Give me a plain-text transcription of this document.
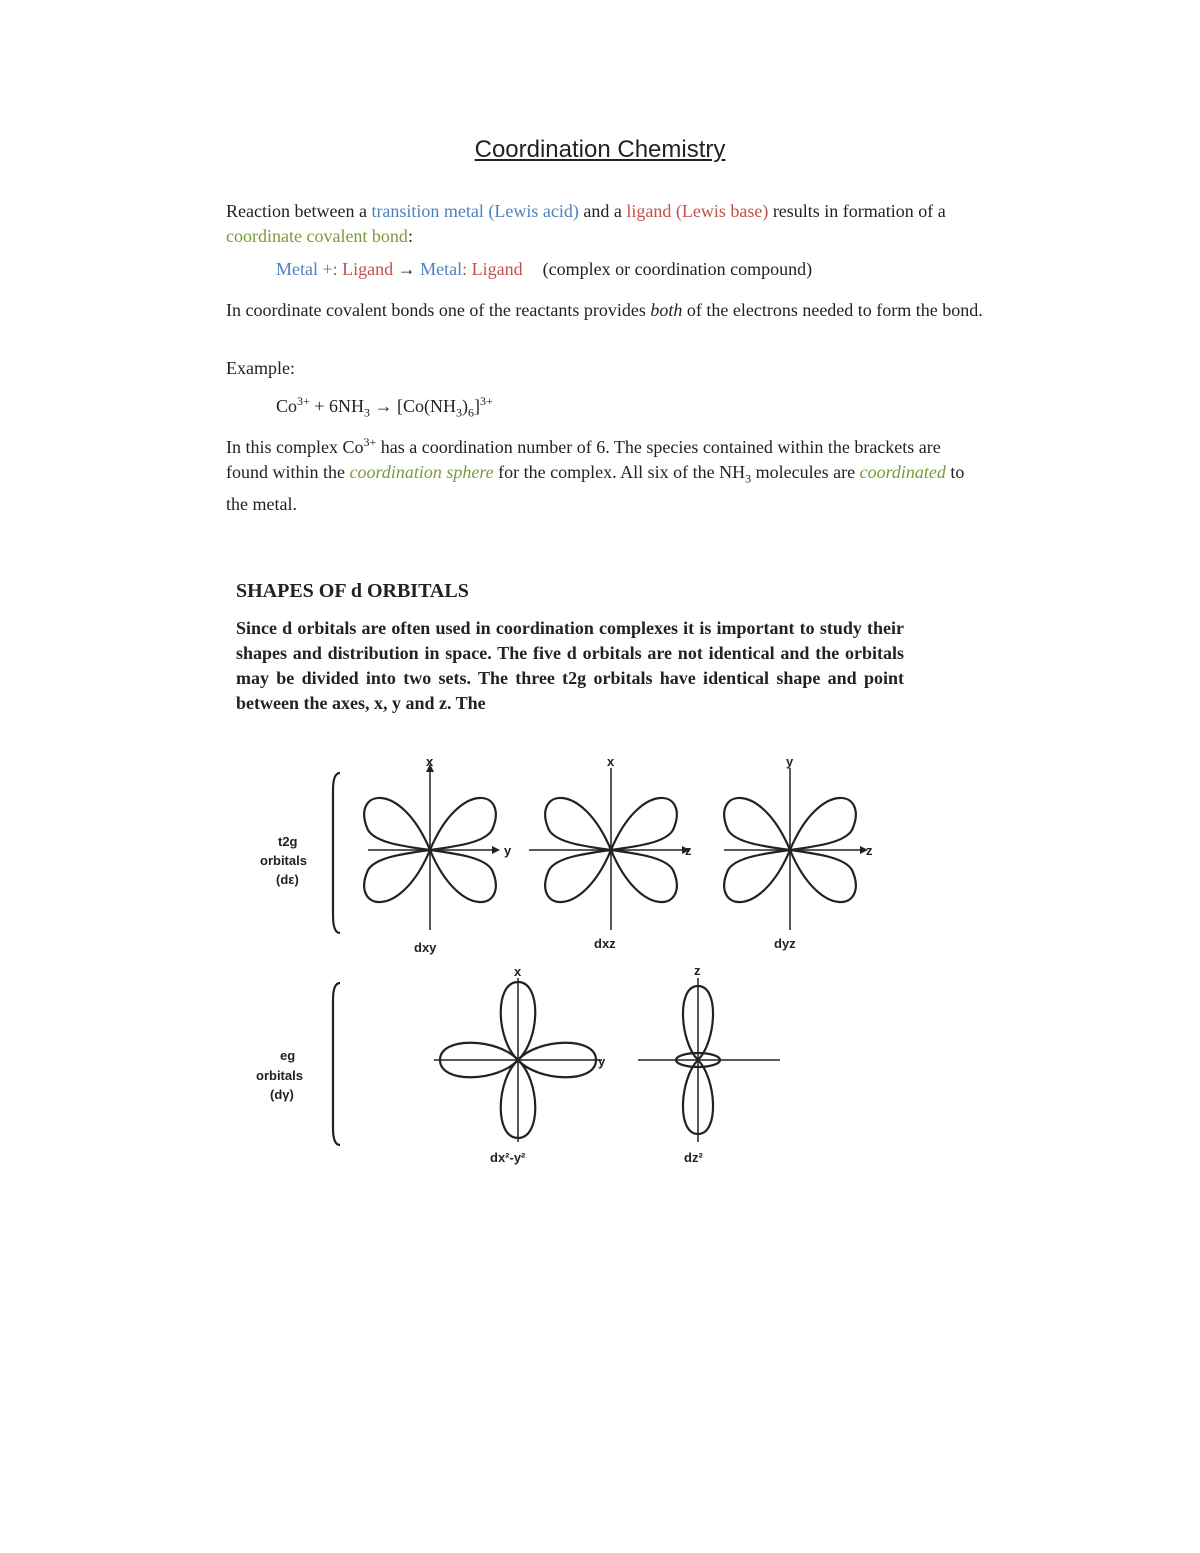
Coordination Chemistry
Reaction between a transition metal (Lewis acid) and a ligand (Lewis base) results in formation of a coordinate covalent bond:
Metal +: Ligand → Metal: Ligand (complex or coordination compound)
In coordinate covalent bonds one of the reactants provides both of the electrons needed to form the bond.
Example:
$Co^{3+} + 6NH_3 \to [Co(NH_3)_6]^{3+}$
In this complex $Co^{3+}$ has a coordination number of 6. The species contained within the brackets are found within the coordination sphere for the complex. All six of the $NH_3$ molecules are coordinated to the metal.
SHAPES OF d ORBITALS
Since d orbitals are often used in coordination complexes it is important to study their shapes and distribution in space. The five d orbitals are not identical and the orbitals may be divided into two sets. The three t2g orbitals have identical shape and point between the axes, x, y and z. The
t2g
orbitals
(dε)
eg
orbitals
(dγ)
dxy	dxz	dyz
dx²-y²	dz²
x
y
x
z
y
z
x
y
z
